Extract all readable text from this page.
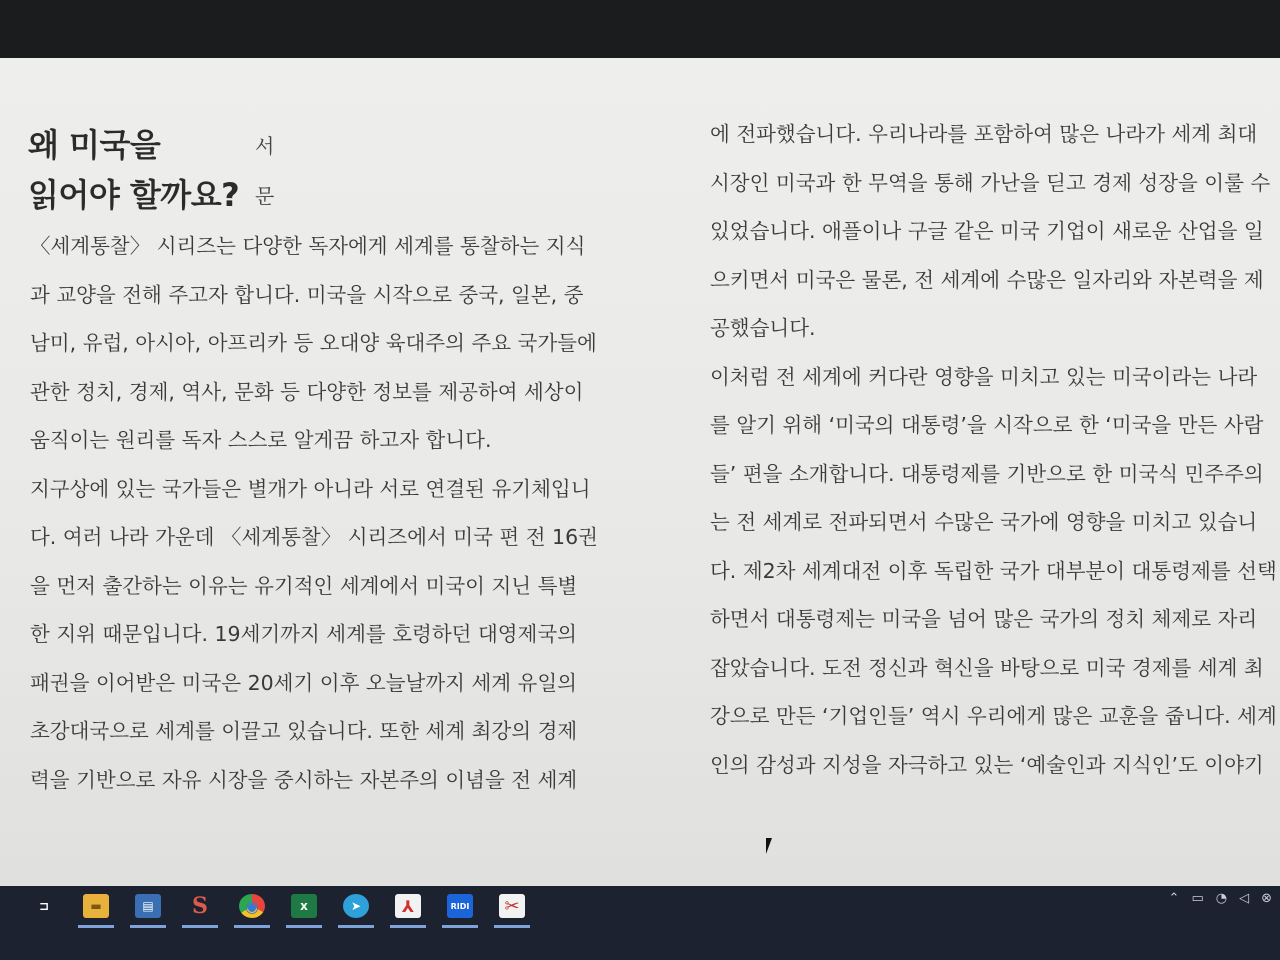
왜 미국을
읽어야 할까요?
서
문
〈세계통찰〉 시리즈는 다양한 독자에게 세계를 통찰하는 지식
과 교양을 전해 주고자 합니다. 미국을 시작으로 중국, 일본, 중
남미, 유럽, 아시아, 아프리카 등 오대양 육대주의 주요 국가들에
관한 정치, 경제, 역사, 문화 등 다양한 정보를 제공하여 세상이
움직이는 원리를 독자 스스로 알게끔 하고자 합니다.
지구상에 있는 국가들은 별개가 아니라 서로 연결된 유기체입니
다. 여러 나라 가운데 〈세계통찰〉 시리즈에서 미국 편 전 16권
을 먼저 출간하는 이유는 유기적인 세계에서 미국이 지닌 특별
한 지위 때문입니다. 19세기까지 세계를 호령하던 대영제국의
패권을 이어받은 미국은 20세기 이후 오늘날까지 세계 유일의
초강대국으로 세계를 이끌고 있습니다. 또한 세계 최강의 경제
력을 기반으로 자유 시장을 중시하는 자본주의 이념을 전 세계
에 전파했습니다. 우리나라를 포함하여 많은 나라가 세계 최대
시장인 미국과 한 무역을 통해 가난을 딛고 경제 성장을 이룰 수
있었습니다. 애플이나 구글 같은 미국 기업이 새로운 산업을 일
으키면서 미국은 물론, 전 세계에 수많은 일자리와 자본력을 제
공했습니다.
이처럼 전 세계에 커다란 영향을 미치고 있는 미국이라는 나라
를 알기 위해 ‘미국의 대통령’을 시작으로 한 ‘미국을 만든 사람
들’ 편을 소개합니다. 대통령제를 기반으로 한 미국식 민주주의
는 전 세계로 전파되면서 수많은 국가에 영향을 미치고 있습니
다. 제2차 세계대전 이후 독립한 국가 대부분이 대통령제를 선택
하면서 대통령제는 미국을 넘어 많은 국가의 정치 체제로 자리
잡았습니다. 도전 정신과 혁신을 바탕으로 미국 경제를 세계 최
강으로 만든 ‘기업인들’ 역시 우리에게 많은 교훈을 줍니다. 세계
인의 감성과 지성을 자극하고 있는 ‘예술인과 지식인’도 이야기
⊐	▬	▤	S	◉	x	➤	⅄	RIDI	✂	⌃ ▭ ◔ ◁ ⊗
